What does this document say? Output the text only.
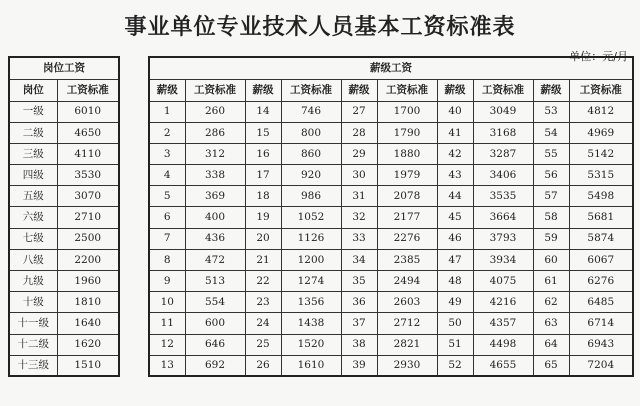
事业单位专业技术人员基本工资标准表
单位：元/月
岗位工资	
岗位	工资标准
一级	6010
二级	4650
三级	4110
四级	3530
五级	3070
六级	2710
七级	2500
八级	2200
九级	1960
十级	1810
十一级	1640
十二级	1620
十三级	1510
薪级工资									
薪级	工资标准	薪级	工资标准	薪级	工资标准	薪级	工资标准	薪级	工资标准
1	260	14	746	27	1700	40	3049	53	4812
2	286	15	800	28	1790	41	3168	54	4969
3	312	16	860	29	1880	42	3287	55	5142
4	338	17	920	30	1979	43	3406	56	5315
5	369	18	986	31	2078	44	3535	57	5498
6	400	19	1052	32	2177	45	3664	58	5681
7	436	20	1126	33	2276	46	3793	59	5874
8	472	21	1200	34	2385	47	3934	60	6067
9	513	22	1274	35	2494	48	4075	61	6276
10	554	23	1356	36	2603	49	4216	62	6485
11	600	24	1438	37	2712	50	4357	63	6714
12	646	25	1520	38	2821	51	4498	64	6943
13	692	26	1610	39	2930	52	4655	65	7204
